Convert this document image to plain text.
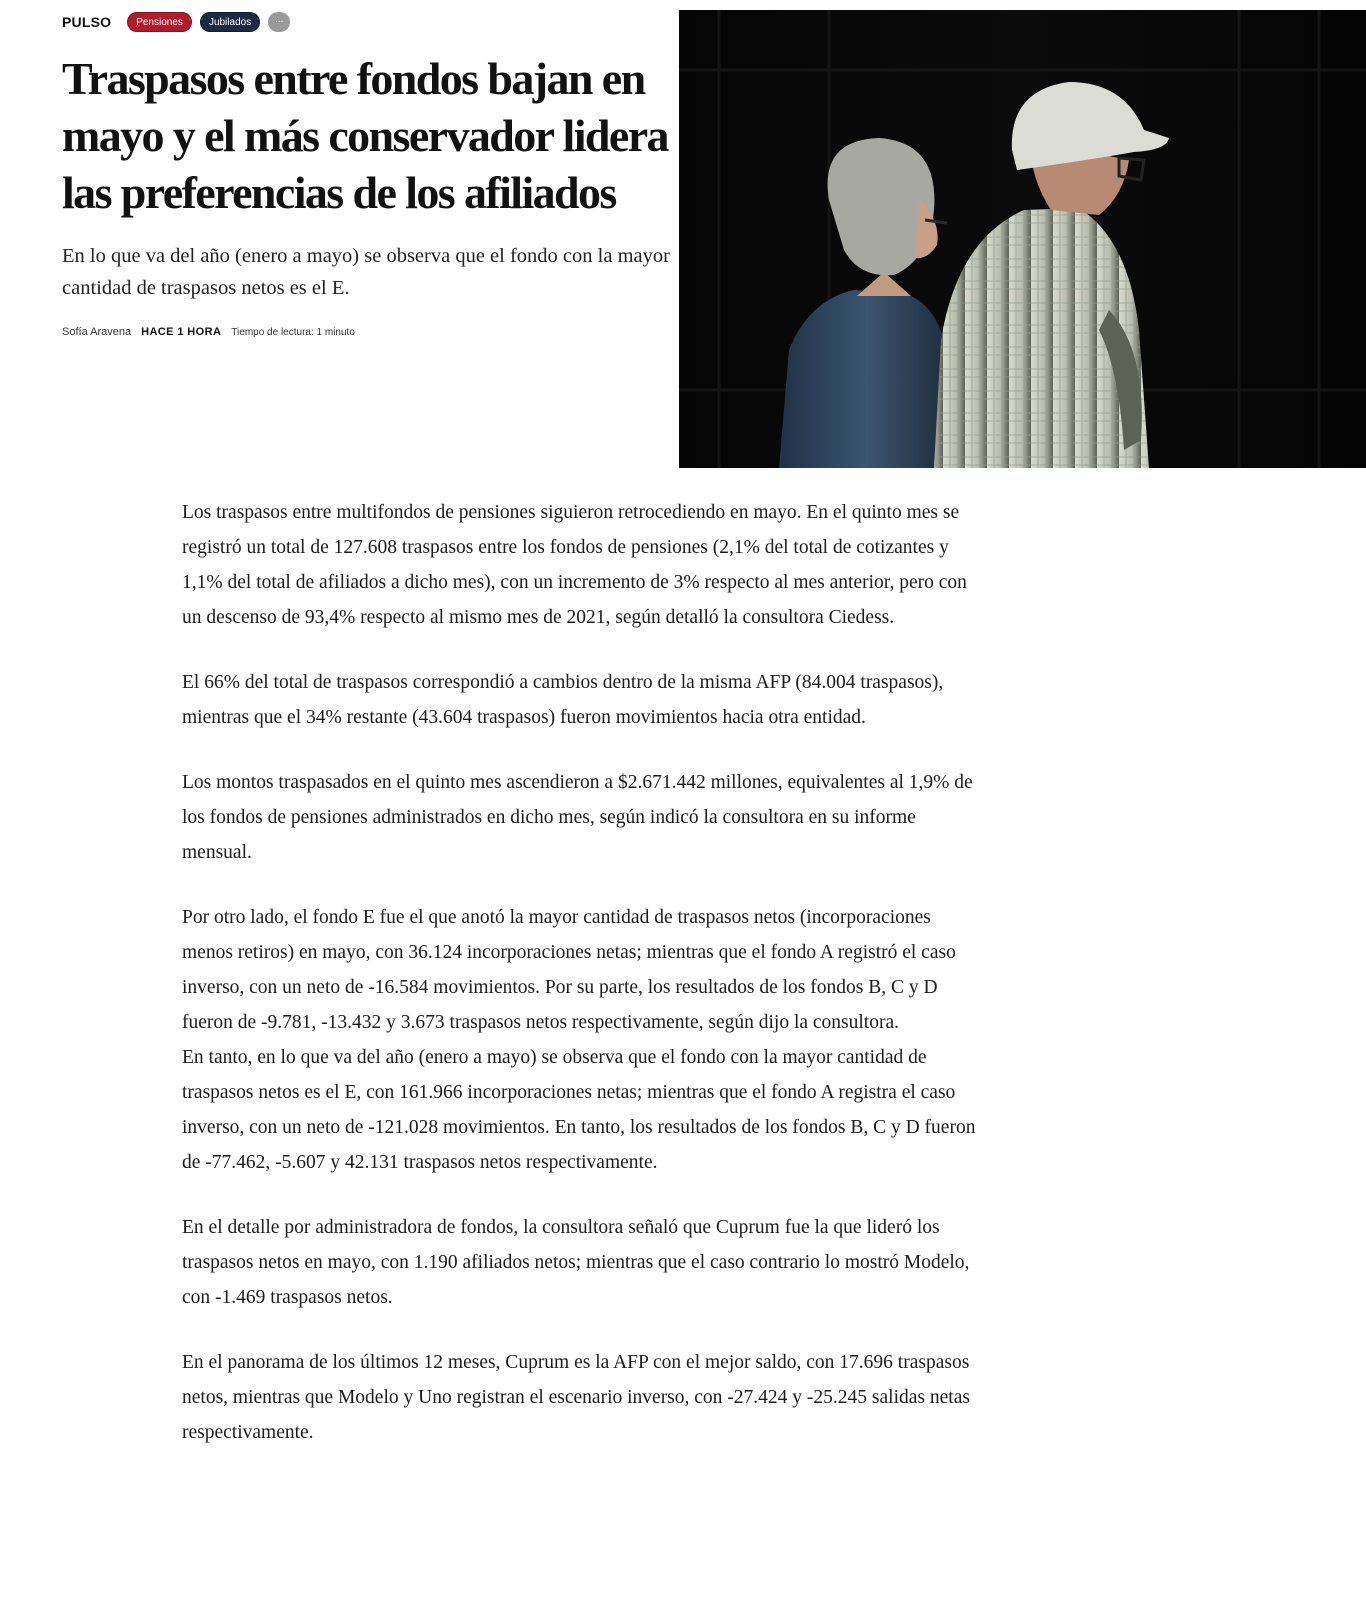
PULSO	Pensiones	Jubilados	...
Traspasos entre fondos bajan en mayo y el más conservador lidera las preferencias de los afiliados

En lo que va del año (enero a mayo) se observa que el fondo con la mayor cantidad de traspasos netos es el E.

Sofía Aravena HACE 1 HORA Tiempo de lectura: 1 minuto

Los traspasos entre multifondos de pensiones siguieron retrocediendo en mayo. En el quinto mes se registró un total de 127.608 traspasos entre los fondos de pensiones (2,1% del total de cotizantes y 1,1% del total de afiliados a dicho mes), con un incremento de 3% respecto al mes anterior, pero con un descenso de 93,4% respecto al mismo mes de 2021, según detalló la consultora Ciedess.

El 66% del total de traspasos correspondió a cambios dentro de la misma AFP (84.004 traspasos), mientras que el 34% restante (43.604 traspasos) fueron movimientos hacia otra entidad.

Los montos traspasados en el quinto mes ascendieron a $2.671.442 millones, equivalentes al 1,9% de los fondos de pensiones administrados en dicho mes, según indicó la consultora en su informe mensual.

Por otro lado, el fondo E fue el que anotó la mayor cantidad de traspasos netos (incorporaciones menos retiros) en mayo, con 36.124 incorporaciones netas; mientras que el fondo A registró el caso inverso, con un neto de -16.584 movimientos. Por su parte, los resultados de los fondos B, C y D fueron de -9.781, -13.432 y 3.673 traspasos netos respectivamente, según dijo la consultora.

En tanto, en lo que va del año (enero a mayo) se observa que el fondo con la mayor cantidad de traspasos netos es el E, con 161.966 incorporaciones netas; mientras que el fondo A registra el caso inverso, con un neto de -121.028 movimientos. En tanto, los resultados de los fondos B, C y D fueron de -77.462, -5.607 y 42.131 traspasos netos respectivamente.

En el detalle por administradora de fondos, la consultora señaló que Cuprum fue la que lideró los traspasos netos en mayo, con 1.190 afiliados netos; mientras que el caso contrario lo mostró Modelo, con -1.469 traspasos netos.

En el panorama de los últimos 12 meses, Cuprum es la AFP con el mejor saldo, con 17.696 traspasos netos, mientras que Modelo y Uno registran el escenario inverso, con -27.424 y -25.245 salidas netas respectivamente.
